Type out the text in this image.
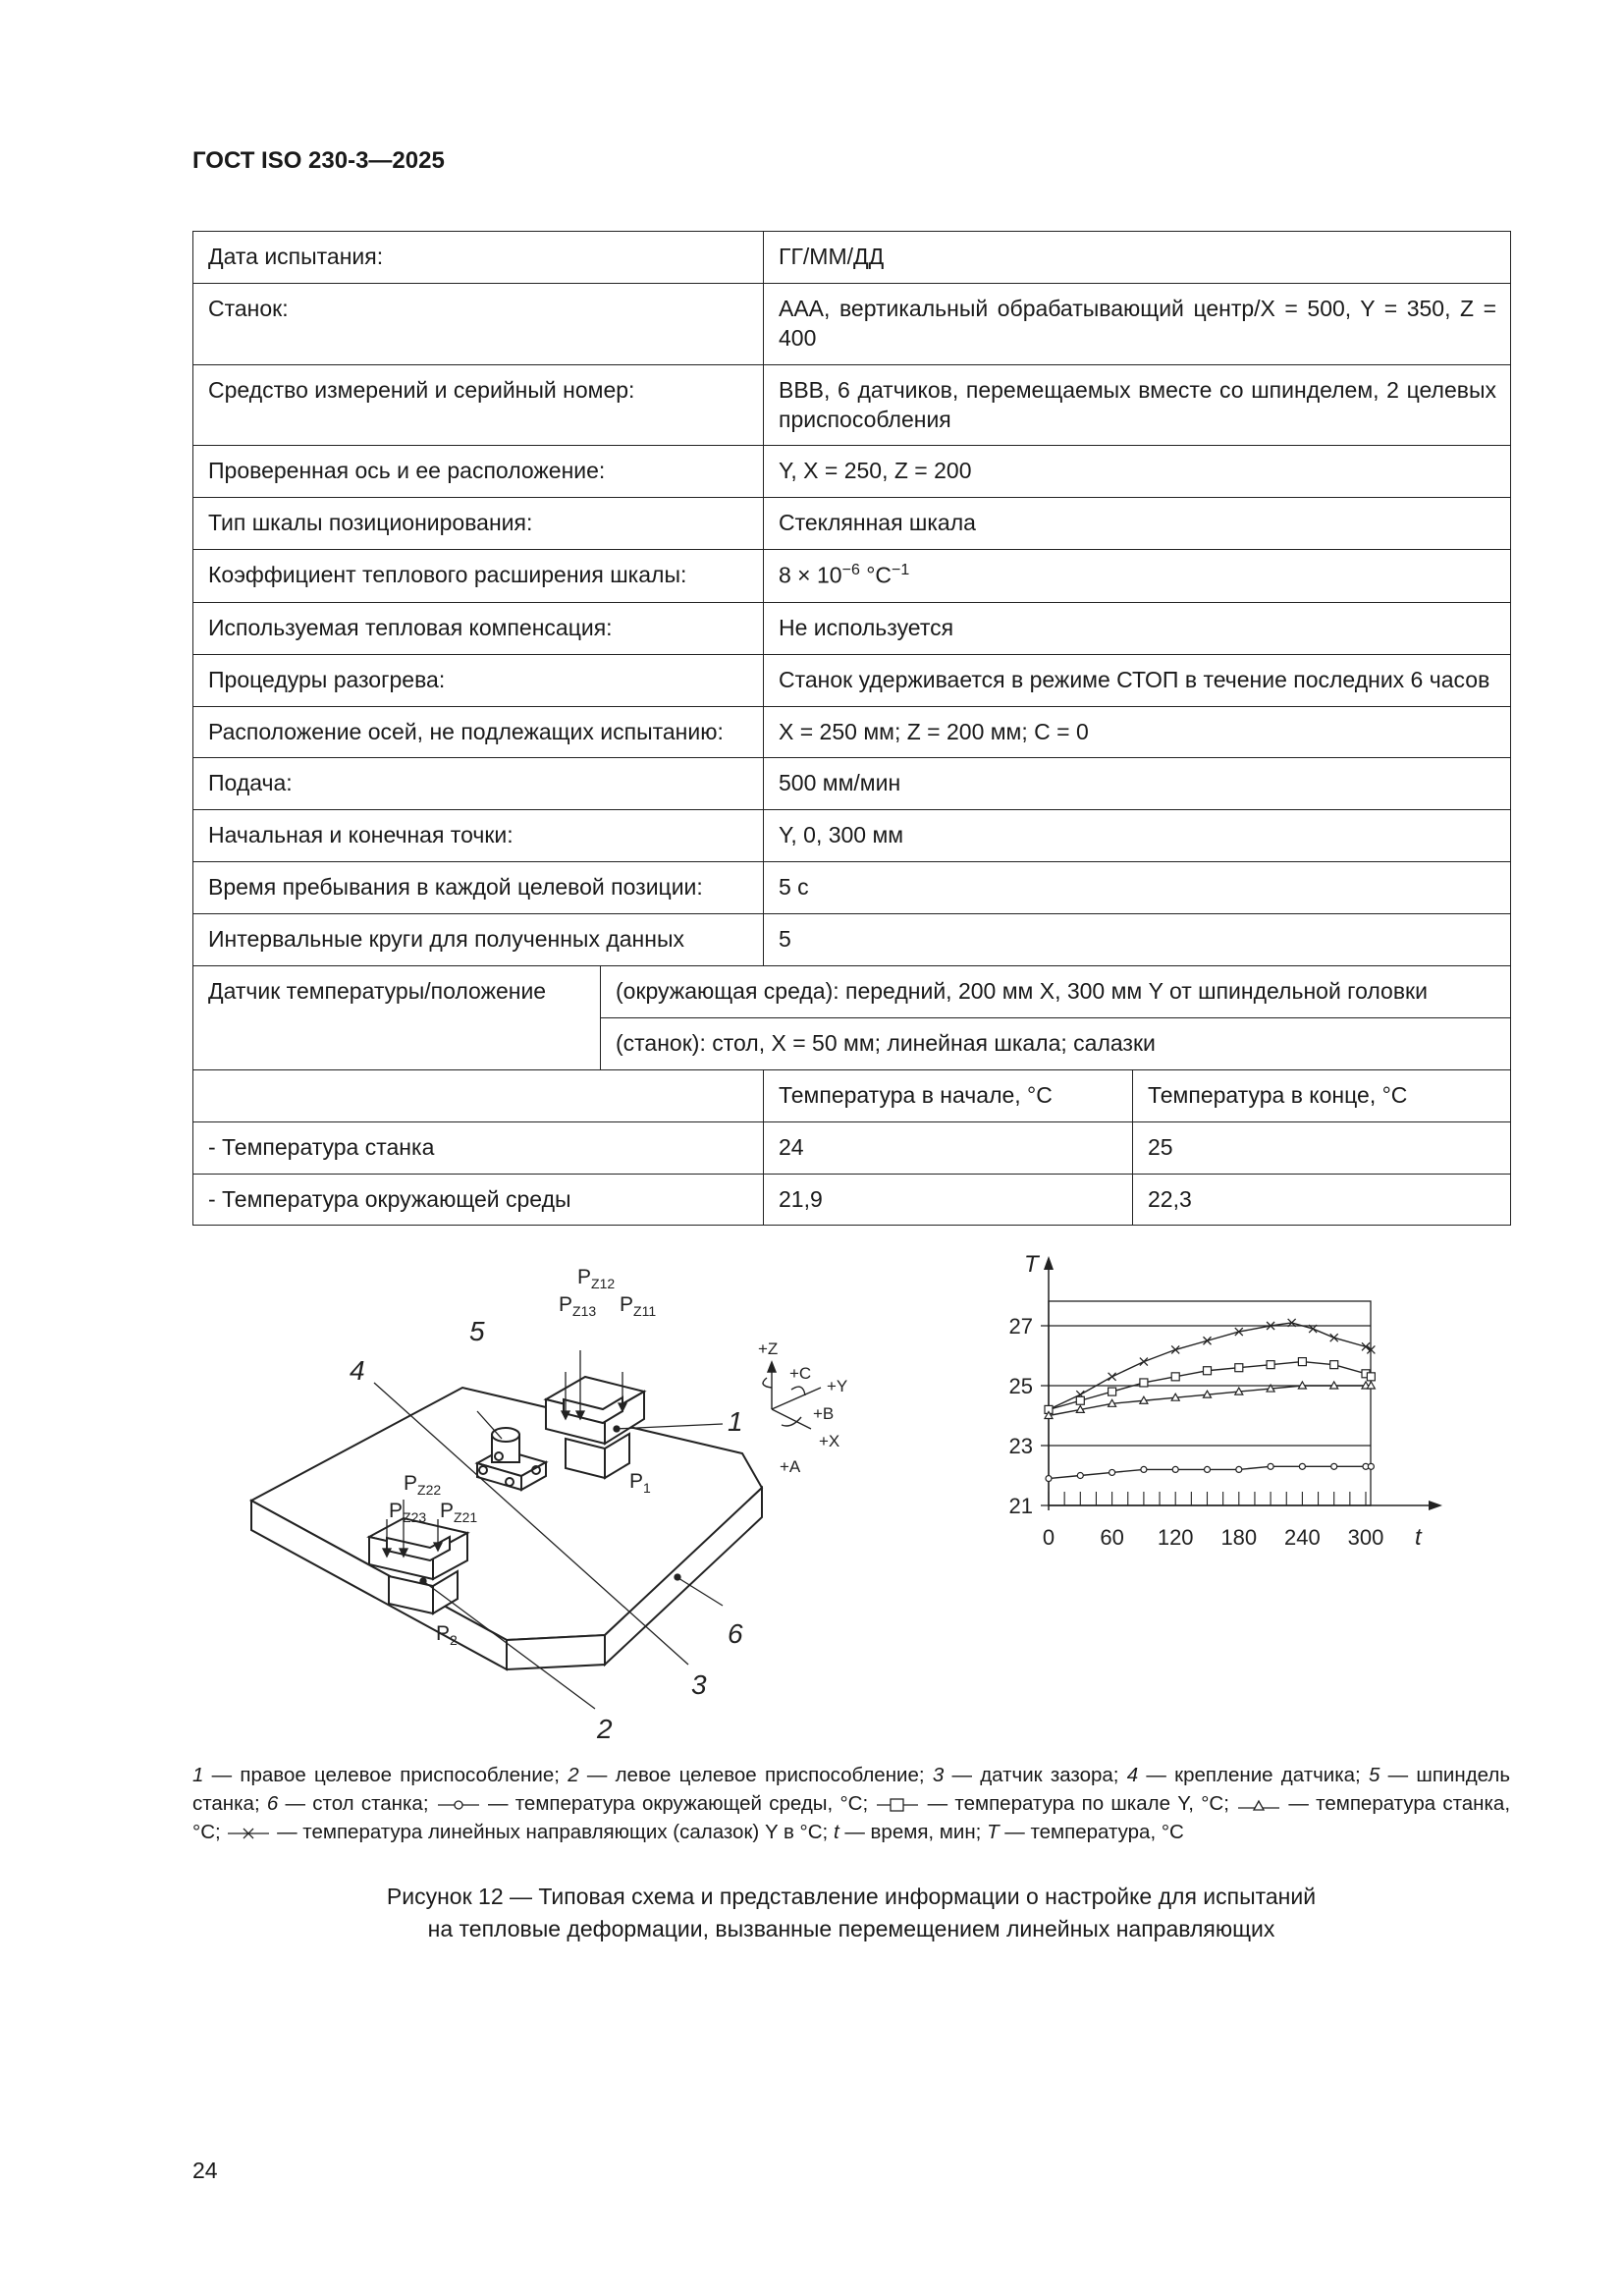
ГОСТ ISO 230-3—2025
Дата испытания:		ГГ/ММ/ДД	
Станок:		AAA, вертикальный обрабатывающий центр/X = 500, Y = 350, Z = 400	
Средство измерений и серийный номер:		BBB, 6 датчиков, перемещаемых вместе со шпинделем, 2 целевых приспособления	
Проверенная ось и ее расположение:		Y, X = 250, Z = 200	
Тип шкалы позиционирования:		Стеклянная шкала	
Коэффициент теплового расширения шкалы:		$8 \times 10^{-6}$ $^\circ C^{-1}$
Используемая тепловая компенсация:		Не используется	
Процедуры разогрева:		Станок удерживается в режиме СТОП в течение последних 6 часов	
Расположение осей, не подлежащих испытанию:		X = 250 мм; Z = 200 мм; C = 0	
Подача:		500 мм/мин	
Начальная и конечная точки:		Y, 0, 300 мм	
Время пребывания в каждой целевой позиции:		5 с	
Интервальные круги для полученных данных		5	
Датчик температуры/положение	(окружающая среда): передний, 200 мм X, 300 мм Y от шпиндельной головки		
	(станок): стол, X = 50 мм; линейная шкала; салазки		
		Температура в начале, °C	Температура в конце, °C
- Температура станка		24	25
- Температура окружающей среды		21,9	22,3
$P_{Z12}$
$P_{Z13}$ $P_{Z11}$
$P_{Z22}$
$P_{Z23}$ $P_{Z21}$
$P_1$
$P_2$
1
2
3
4
5
6
+Z
+C
+Y
+B
+X
+A
21
23
25
27
0 60 120 180 240 300
T
t
1 — правое целевое приспособление; 2 — левое целевое приспособление; 3 — датчик зазора; 4 — крепление датчика; 5 — шпиндель станка; 6 — стол станка;  — температура окружающей среды, °C;  — температура по шкале Y, °C;  — температура станка, °C;  — температура линейных направляющих (салазок) Y в °C; t — время, мин; T — температура, °C
Рисунок 12 — Типовая схема и представление информации о настройке для испытаний
на тепловые деформации, вызванные перемещением линейных направляющих
24
